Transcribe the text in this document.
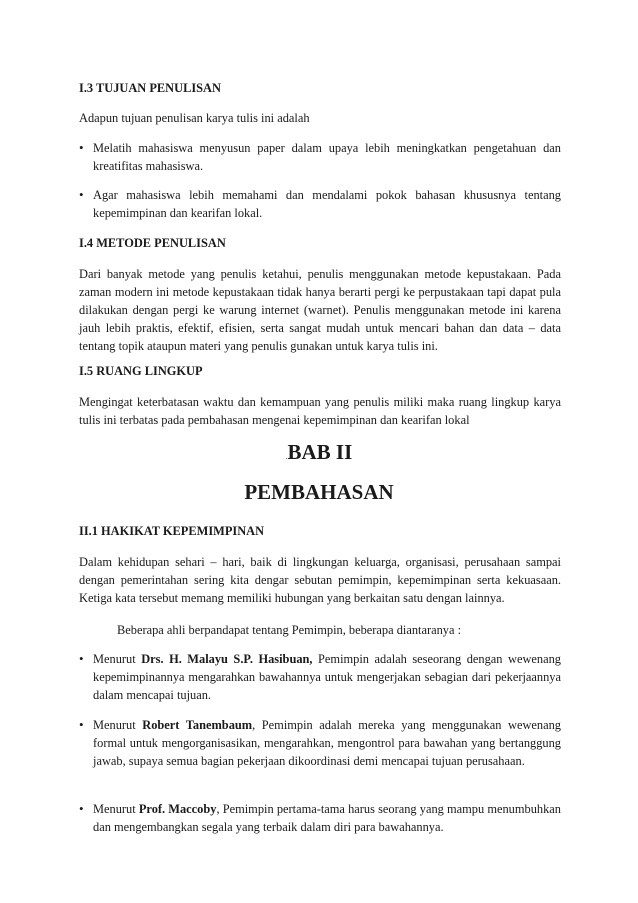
I.3 TUJUAN PENULISAN
Adapun tujuan penulisan karya tulis ini adalah
• Melatih mahasiswa menyusun paper dalam upaya lebih meningkatkan pengetahuan dan kreatifitas mahasiswa.
• Agar mahasiswa lebih memahami dan mendalami pokok bahasan khususnya tentang kepemimpinan dan kearifan lokal.
I.4 METODE PENULISAN
Dari banyak metode yang penulis ketahui, penulis menggunakan metode kepustakaan. Pada zaman modern ini metode kepustakaan tidak hanya berarti pergi ke perpustakaan tapi dapat pula dilakukan dengan pergi ke warung internet (warnet). Penulis menggunakan metode ini karena jauh lebih praktis, efektif, efisien, serta sangat mudah untuk mencari bahan dan data – data tentang topik ataupun materi yang penulis gunakan untuk karya tulis ini.
I.5 RUANG LINGKUP
Mengingat keterbatasan waktu dan kemampuan yang penulis miliki maka ruang lingkup karya tulis ini terbatas pada pembahasan mengenai kepemimpinan dan kearifan lokal
.BAB II
PEMBAHASAN
II.1 HAKIKAT KEPEMIMPINAN
Dalam kehidupan sehari – hari, baik di lingkungan keluarga, organisasi, perusahaan sampai dengan pemerintahan sering kita dengar sebutan pemimpin, kepemimpinan serta kekuasaan. Ketiga kata tersebut memang memiliki hubungan yang berkaitan satu dengan lainnya.
Beberapa ahli berpandapat tentang Pemimpin, beberapa diantaranya :
• Menurut Drs. H. Malayu S.P. Hasibuan, Pemimpin adalah seseorang dengan wewenang kepemimpinannya mengarahkan bawahannya untuk mengerjakan sebagian dari pekerjaannya dalam mencapai tujuan.
• Menurut Robert Tanembaum, Pemimpin adalah mereka yang menggunakan wewenang formal untuk mengorganisasikan, mengarahkan, mengontrol para bawahan yang bertanggung jawab, supaya semua bagian pekerjaan dikoordinasi demi mencapai tujuan perusahaan.
• Menurut Prof. Maccoby, Pemimpin pertama-tama harus seorang yang mampu menumbuhkan dan mengembangkan segala yang terbaik dalam diri para bawahannya.
